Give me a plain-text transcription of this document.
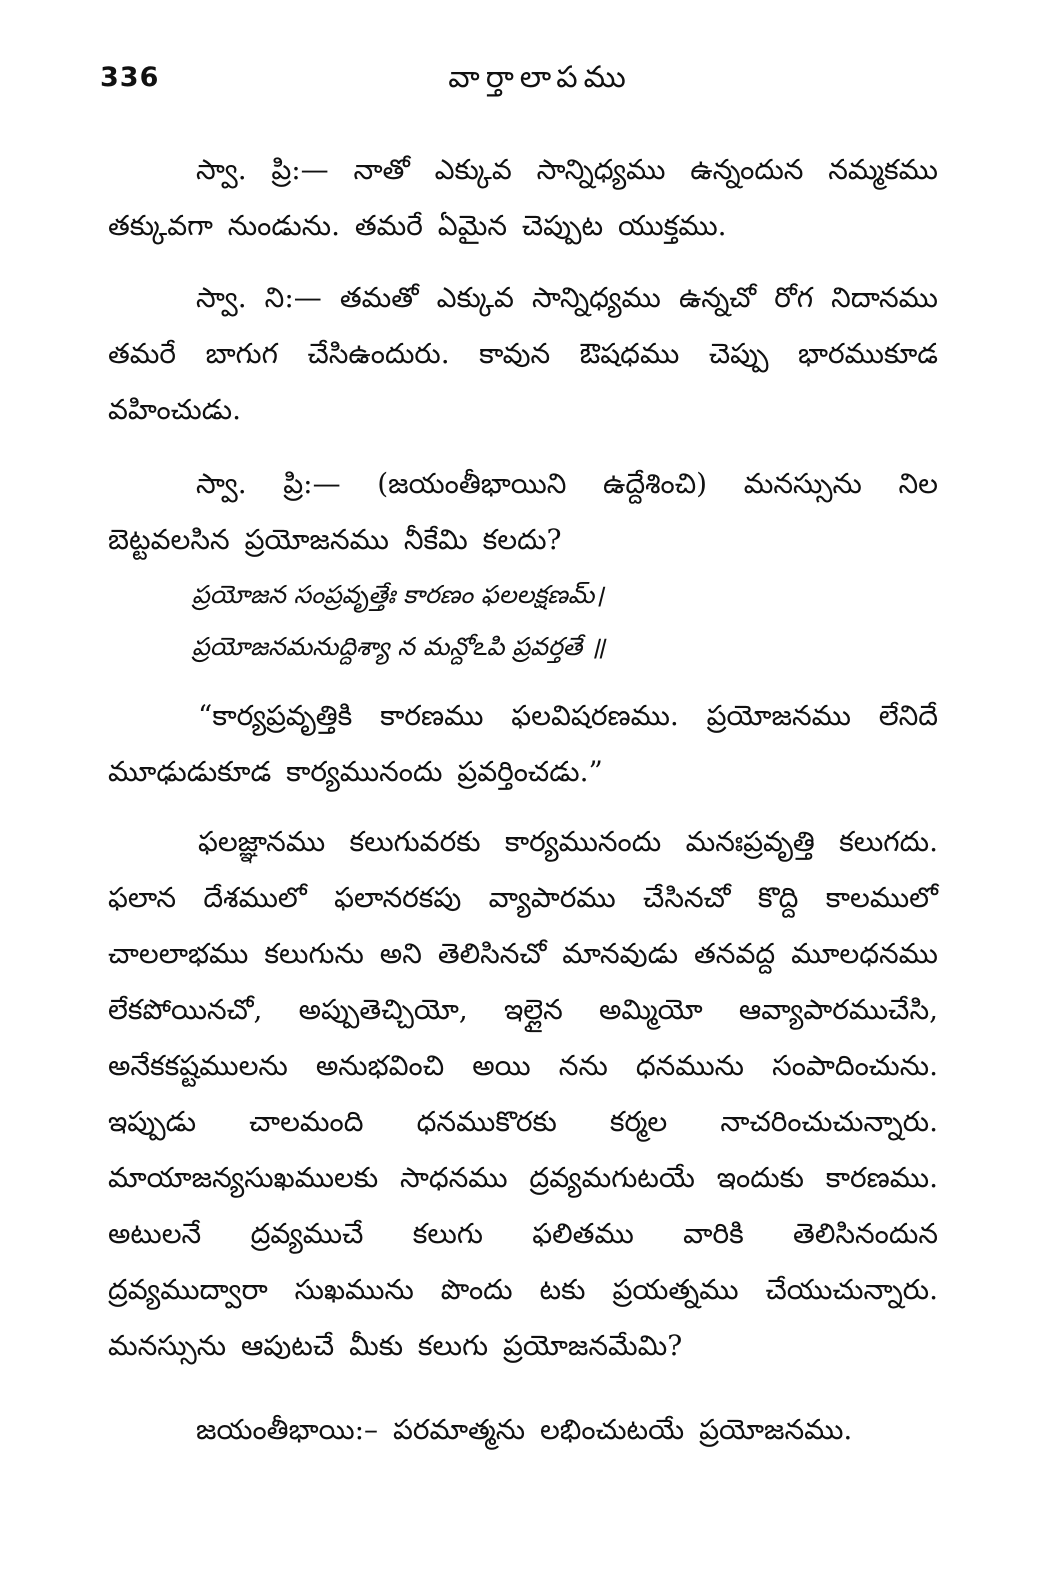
336	వార్తాలాపము

స్వా. ప్రి:— నాతో ఎక్కువ సాన్నిధ్యము ఉన్నందున నమ్మకము తక్కువగా నుండును. తమరే ఏమైన చెప్పుట యుక్తము.

స్వా. ని:— తమతో ఎక్కువ సాన్నిధ్యము ఉన్నచో రోగ నిదానము తమరే బాగుగ చేసిఉందురు. కావున ఔషధము చెప్పు భారముకూడ వహించుడు.

స్వా. ప్రి:— (జయంతీభాయిని ఉద్దేశించి) మనస్సును నిల బెట్టవలసిన ప్రయోజనము నీకేమి కలదు?

ప్రయోజన సంప్రవృత్తేః కారణం ఫలలక్షణమ్।
ప్రయోజనమనుద్దిశ్యా న మన్దోఽపి ప్రవర్తతే ॥

“కార్యప్రవృత్తికి కారణము ఫలవిషరణము. ప్రయోజనము లేనిదే మూఢుడుకూడ కార్యమునందు ప్రవర్తించడు.”

ఫలజ్ఞానము కలుగువరకు కార్యమునందు మనఃప్రవృత్తి కలుగదు. ఫలాన దేశములో ఫలానరకపు వ్యాపారము చేసినచో కొద్ది కాలములో చాలలాభము కలుగును అని తెలిసినచో మానవుడు తనవద్ద మూలధనము లేకపోయినచో, అప్పుతెచ్చియో, ఇల్లైన అమ్మియో ఆవ్యాపారముచేసి, అనేకకష్టములను అనుభవించి అయి నను ధనమును సంపాదించును. ఇప్పుడు చాలమంది ధనముకొరకు కర్మల నాచరించుచున్నారు. మాయాజన్యసుఖములకు సాధనము ద్రవ్యమగుటయే ఇందుకు కారణము. అటులనే ద్రవ్యముచే కలుగు ఫలితము వారికి తెలిసినందున ద్రవ్యముద్వారా సుఖమును పొందు టకు ప్రయత్నము చేయుచున్నారు. మనస్సును ఆపుటచే మీకు కలుగు ప్రయోజనమేమి?

జయంతీభాయి:– పరమాత్మను లభించుటయే ప్రయోజనము.
